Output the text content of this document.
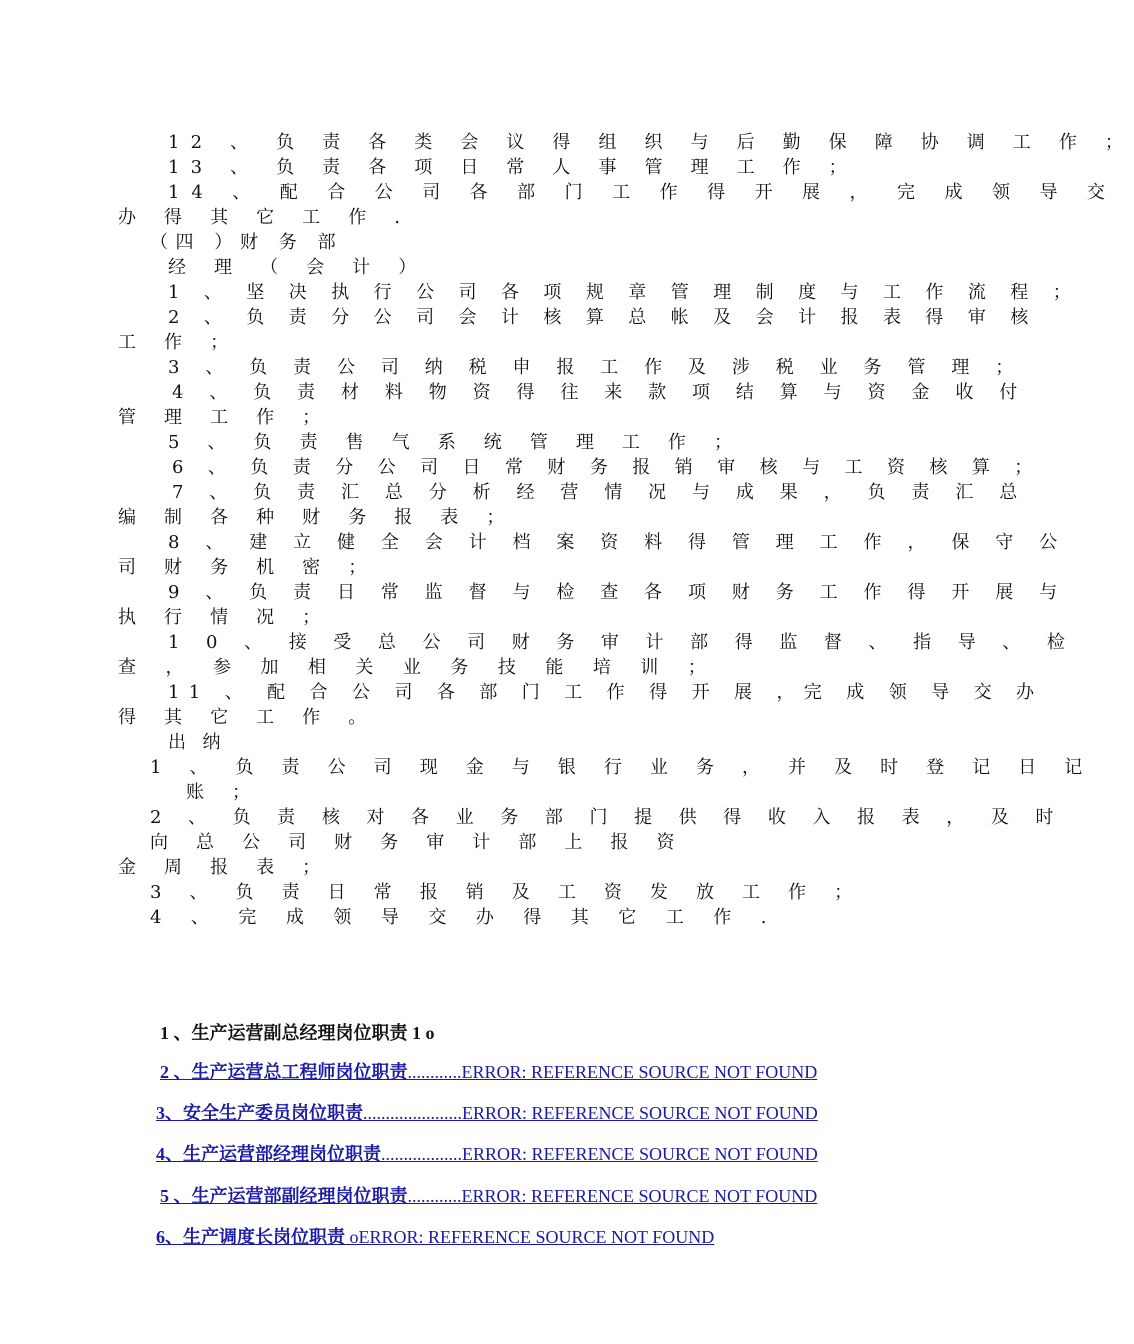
12 、 负 责 各 类 会 议 得 组 织 与 后 勤 保 障 协 调 工 作 ；
13 、 负 责 各 项 日 常 人 事 管 理 工 作 ；
14 、 配 合 公 司 各 部 门 工 作 得 开 展 ， 完 成 领 导 交
办 得 其 它 工 作 .
（四 ）财 务 部
经 理 （ 会 计 ）
1 、 坚 决 执 行 公 司 各 项 规 章 管 理 制 度 与 工 作 流 程 ；
2 、 负 责 分 公 司 会 计 核 算 总 帐 及 会 计 报 表 得 审 核
工 作 ；
3 、 负 责 公 司 纳 税 申 报 工 作 及 涉 税 业 务 管 理 ；
4 、 负 责 材 料 物 资 得 往 来 款 项 结 算 与 资 金 收 付
管 理 工 作 ；
5 、 负 责 售 气 系 统 管 理 工 作 ；
6 、 负 责 分 公 司 日 常 财 务 报 销 审 核 与 工 资 核 算 ；
7 、 负 责 汇 总 分 析 经 营 情 况 与 成 果 ， 负 责 汇 总
编 制 各 种 财 务 报 表 ；
8 、 建 立 健 全 会 计 档 案 资 料 得 管 理 工 作 ， 保 守 公
司 财 务 机 密 ；
9 、 负 责 日 常 监 督 与 检 查 各 项 财 务 工 作 得 开 展 与
执 行 情 况 ；
1 0 、 接 受 总 公 司 财 务 审 计 部 得 监 督 、 指 导 、 检
查 ， 参 加 相 关 业 务 技 能 培 训 ；
11 、 配 合 公 司 各 部 门 工 作 得 开 展 ，完 成 领 导 交 办
得 其 它 工 作 。
出 纳
1 、 负 责 公 司 现 金 与 银 行 业 务 ， 并 及 时 登 记 日 记
账 ；
2 、 负 责 核 对 各 业 务 部 门 提 供 得 收 入 报 表 ， 及 时
向 总 公 司 财 务 审 计 部 上 报 资
金 周 报 表 ；
3 、 负 责 日 常 报 销 及 工 资 发 放 工 作 ；
4 、 完 成 领 导 交 办 得 其 它 工 作 .
1 、生产运营副总经理岗位职责 1 o
2 、生产运营总工程师岗位职责............ERROR: REFERENCE SOURCE NOT FOUND
3、安全生产委员岗位职责......................ERROR: REFERENCE SOURCE NOT FOUND
4、生产运营部经理岗位职责..................ERROR: REFERENCE SOURCE NOT FOUND
5 、生产运营部副经理岗位职责............ERROR: REFERENCE SOURCE NOT FOUND
6、生产调度长岗位职责 oERROR: REFERENCE SOURCE NOT FOUND
